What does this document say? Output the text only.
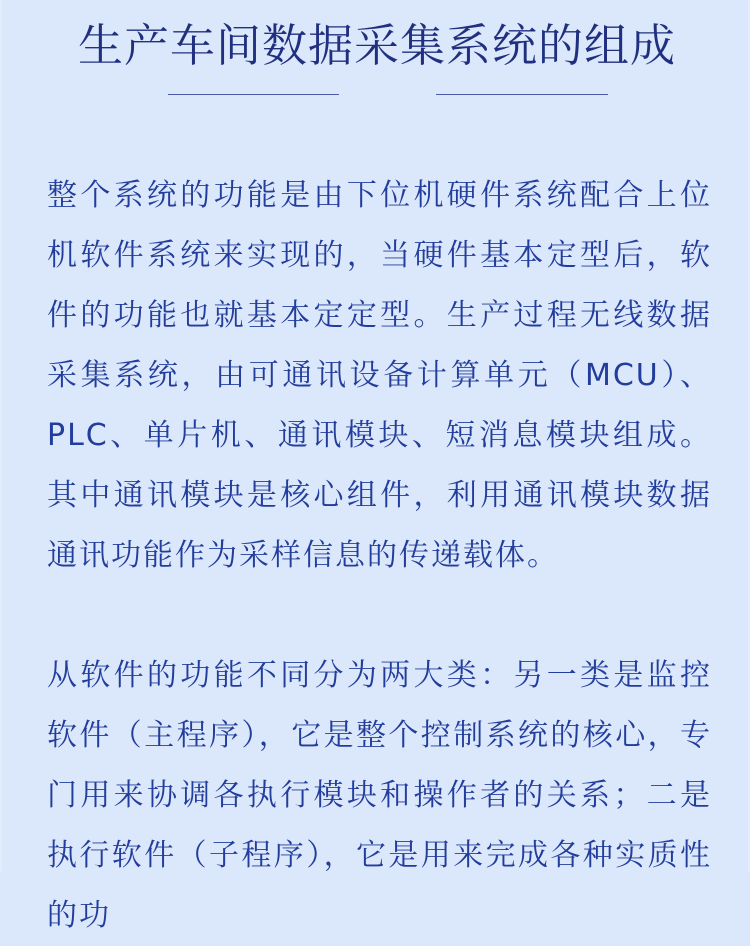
生产车间数据采集系统的组成

整个系统的功能是由下位机硬件系统配合上位机软件系统来实现的，当硬件基本定型后，软件的功能也就基本定定型。生产过程无线数据采集系统，由可通讯设备计算单元（MCU）、PLC、单片机、通讯模块、短消息模块组成。其中通讯模块是核心组件，利用通讯模块数据通讯功能作为采样信息的传递载体。

从软件的功能不同分为两大类：另一类是监控软件（主程序），它是整个控制系统的核心，专门用来协调各执行模块和操作者的关系；二是执行软件（子程序），它是用来完成各种实质性的功
